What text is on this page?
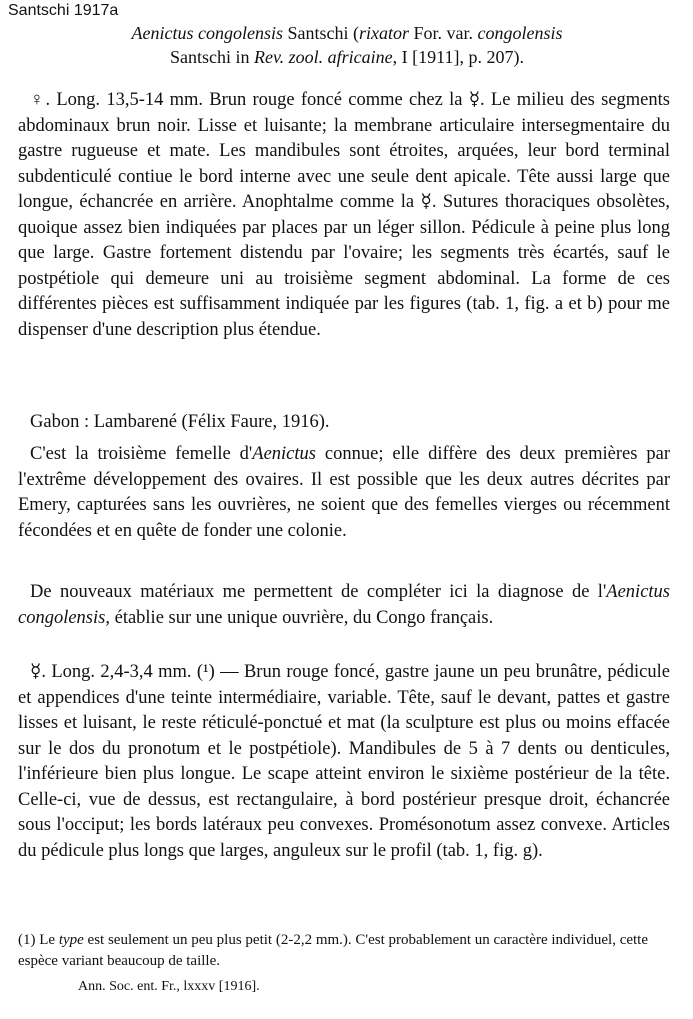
Santschi 1917a
Aenictus congolensis Santschi (rixator For. var. congolensis
Santschi in Rev. zool. africaine, I [1911], p. 207).
♀. Long. 13,5-14 mm. Brun rouge foncé comme chez la ☿. Le milieu des segments abdominaux brun noir. Lisse et luisante; la membrane articulaire intersegmentaire du gastre rugueuse et mate. Les mandibules sont étroites, arquées, leur bord terminal subdenticulé contiue le bord interne avec une seule dent apicale. Tête aussi large que longue, échancrée en arrière. Anophtalme comme la ☿. Sutures thoraciques obsolètes, quoique assez bien indiquées par places par un léger sillon. Pédicule à peine plus long que large. Gastre fortement distendu par l'ovaire; les segments très écartés, sauf le postpétiole qui demeure uni au troisième segment abdominal. La forme de ces différentes pièces est suffisamment indiquée par les figures (tab. 1, fig. a et b) pour me dispenser d'une description plus étendue.
Gabon : Lambarené (Félix Faure, 1916).
C'est la troisième femelle d'Aenictus connue; elle diffère des deux premières par l'extrême développement des ovaires. Il est possible que les deux autres décrites par Emery, capturées sans les ouvrières, ne soient que des femelles vierges ou récemment fécondées et en quête de fonder une colonie.
De nouveaux matériaux me permettent de compléter ici la diagnose de l'Aenictus congolensis, établie sur une unique ouvrière, du Congo français.
☿. Long. 2,4-3,4 mm. (¹) — Brun rouge foncé, gastre jaune un peu brunâtre, pédicule et appendices d'une teinte intermédiaire, variable. Tête, sauf le devant, pattes et gastre lisses et luisant, le reste réticulé-ponctué et mat (la sculpture est plus ou moins effacée sur le dos du pronotum et le postpétiole). Mandibules de 5 à 7 dents ou denticules, l'inférieure bien plus longue. Le scape atteint environ le sixième postérieur de la tête. Celle-ci, vue de dessus, est rectangulaire, à bord postérieur presque droit, échancrée sous l'occiput; les bords latéraux peu convexes. Promésonotum assez convexe. Articles du pédicule plus longs que larges, anguleux sur le profil (tab. 1, fig. g).
(1) Le type est seulement un peu plus petit (2-2,2 mm.). C'est probablement un caractère individuel, cette espèce variant beaucoup de taille.
Ann. Soc. ent. Fr., lxxxv [1916].
